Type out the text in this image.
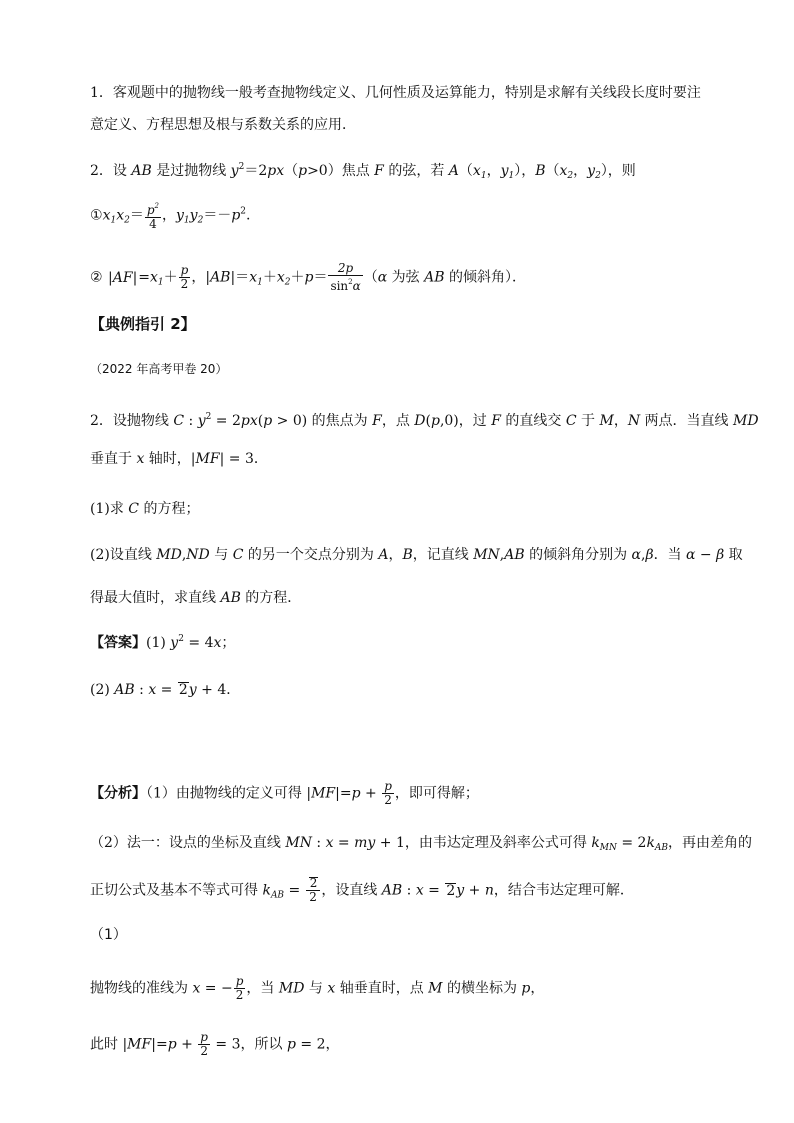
1．客观题中的抛物线一般考查抛物线定义、几何性质及运算能力，特别是求解有关线段长度时要注
意定义、方程思想及根与系数关系的应用．
2．设 AB 是过抛物线 $y^2=2px(p>0)$焦点 F 的弦，若 $A(x_1$，$y_1$），$B(x_2$，$y_2$），则
$①x_1x_2= \frac{p^2}{4}$ ，$y_1y_2=-p^2$.
② $|AF|=x_1+ \frac{p}{2}$ ，$|AB|=x_1+x_2+p= \frac{2p}{\sin^2\alpha} (\alpha$ 为弦 AB 的倾斜角）．
【典例指引 2】
（2022 年高考甲卷 20）
2．设抛物线 C : $y^2 = 2px(p > 0)$ 的焦点为 F，点 D(p,0)，过 F 的直线交 C 于 M，N 两点．当直线 MD
垂直于 x 轴时，|MF| = 3．
(1)求 C 的方程；
(2)设直线 MD,ND 与 C 的另一个交点分别为 A，B，记直线 MN,AB 的倾斜角分别为 α,β．当 α − β 取
得最大值时，求直线 AB 的方程．
【答案】(1) $y^2 = 4x$；
(2) AB : x = 2y + 4．
【分析】（1）由抛物线的定义可得 $|MF|=p + \frac{p}{2}$ ，即可得解；
（2）法一：设点的坐标及直线 MN : x = my + 1，由韦达定理及斜率公式可得 $k_{MN} = 2k_{AB}$，再由差角的
正切公式及基本不等式可得 $k_{AB} = \frac{2}{2}$ ，设直线 AB : x = 2y + n，结合韦达定理可解．
（1）
抛物线的准线为 x = − $\frac{p}{2}$ ，当 MD 与 x 轴垂直时，点 M 的横坐标为 p，
此时 $|MF|=p + \frac{p}{2} = 3$，所以 p = 2，
